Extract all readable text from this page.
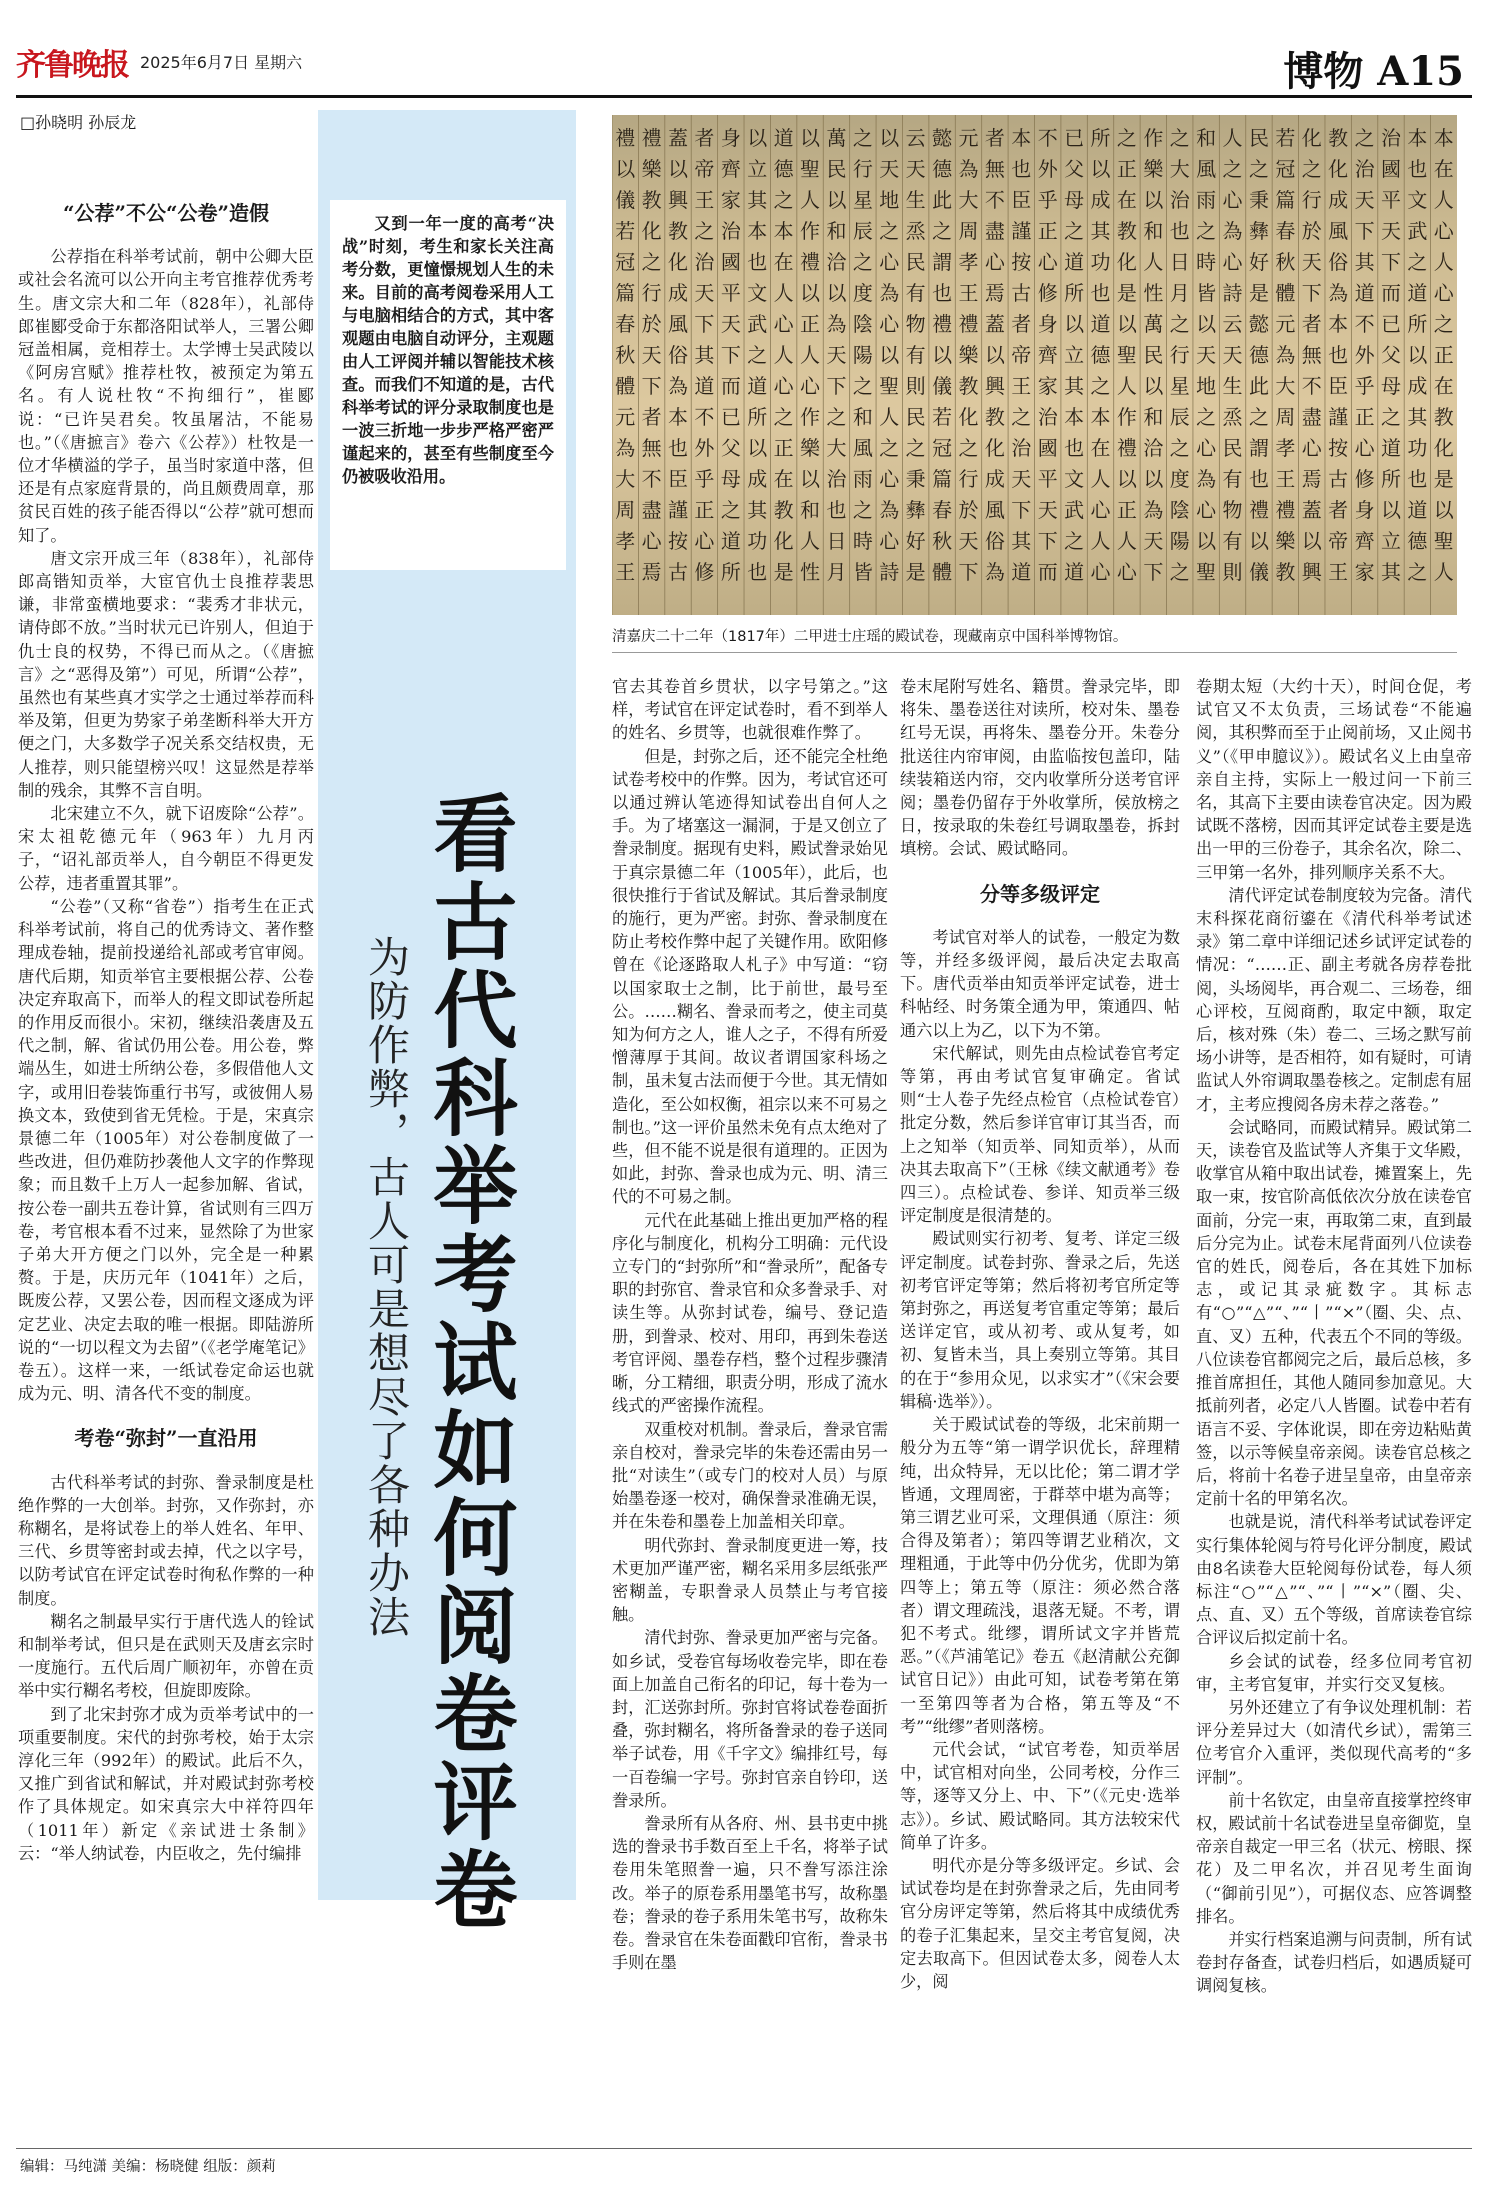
齐鲁晚报 2025年6月7日 星期六	博物 A15
□孙晓明 孙辰龙
“公荐”不公“公卷”造假

公荐指在科举考试前，朝中公卿大臣或社会名流可以公开向主考官推荐优秀考生。唐文宗大和二年（828年），礼部侍郎崔郾受命于东都洛阳试举人，三署公卿冠盖相属，竞相荐士。太学博士吴武陵以《阿房宫赋》推荐杜牧，被预定为第五名。有人说杜牧“不拘细行”，崔郾说：“已许吴君矣。牧虽屠沽，不能易也。”（《唐摭言》卷六《公荐》）杜牧是一位才华横溢的学子，虽当时家道中落，但还是有点家庭背景的，尚且颇费周章，那贫民百姓的孩子能否得以“公荐”就可想而知了。

唐文宗开成三年（838年），礼部侍郎高锴知贡举，大宦官仇士良推荐裴思谦，非常蛮横地要求：“裴秀才非状元，请侍郎不放。”当时状元已许别人，但迫于仇士良的权势，不得已而从之。（《唐摭言》之“恶得及第”）可见，所谓“公荐”，虽然也有某些真才实学之士通过举荐而科举及第，但更为势家子弟垄断科举大开方便之门，大多数学子况关系交结权贵，无人推荐，则只能望榜兴叹！这显然是荐举制的残余，其弊不言自明。

北宋建立不久，就下诏废除“公荐”。宋太祖乾德元年（963年）九月丙子，“诏礼部贡举人，自今朝臣不得更发公荐，违者重置其罪”。

“公卷”（又称“省卷”）指考生在正式科举考试前，将自己的优秀诗文、著作整理成卷轴，提前投递给礼部或考官审阅。唐代后期，知贡举官主要根据公荐、公卷决定弃取高下，而举人的程文即试卷所起的作用反而很小。宋初，继续沿袭唐及五代之制，解、省试仍用公卷。用公卷，弊端丛生，如进士所纳公卷，多假借他人文字，或用旧卷装饰重行书写，或彼佣人易换文本，致使到省无凭检。于是，宋真宗景德二年（1005年）对公卷制度做了一些改进，但仍难防抄袭他人文字的作弊现象；而且数千上万人一起参加解、省试，按公卷一副共五卷计算，省试则有三四万卷，考官根本看不过来，显然除了为世家子弟大开方便之门以外，完全是一种累赘。于是，庆历元年（1041年）之后，既废公荐，又罢公卷，因而程文逐成为评定艺业、决定去取的唯一根据。即陆游所说的“一切以程文为去留”（《老学庵笔记》卷五）。这样一来，一纸试卷定命运也就成为元、明、清各代不变的制度。

考卷“弥封”一直沿用

古代科举考试的封弥、誊录制度是杜绝作弊的一大创举。封弥，又作弥封，亦称糊名，是将试卷上的举人姓名、年甲、三代、乡贯等密封或去掉，代之以字号，以防考试官在评定试卷时徇私作弊的一种制度。

糊名之制最早实行于唐代选人的铨试和制举考试，但只是在武则天及唐玄宗时一度施行。五代后周广顺初年，亦曾在贡举中实行糊名考校，但旋即废除。

到了北宋封弥才成为贡举考试中的一项重要制度。宋代的封弥考校，始于太宗淳化三年（992年）的殿试。此后不久，又推广到省试和解试，并对殿试封弥考校作了具体规定。如宋真宗大中祥符四年（1011年）新定《亲试进士条制》云：“举人纳试卷，内臣收之，先付编排

又到一年一度的高考“决战”时刻，考生和家长关注高考分数，更憧憬规划人生的未来。目前的高考阅卷采用人工与电脑相结合的方式，其中客观题由电脑自动评分，主观题由人工评阅并辅以智能技术核查。而我们不知道的是，古代科举考试的评分录取制度也是一波三折地一步步严格严密严谨起来的，甚至有些制度至今仍被吸收沿用。

看古代科举考试如何阅卷评卷
为防作弊，古人可是想尽了各种办法
禮
以
儀
若
冠
篇
春
秋
體
元
為
大
周
孝
王
禮
樂
教
化
之
行
於
天
下
者
無
不
盡
心
焉
蓋
以
興
教
化
成
風
俗
為
本
也
臣
謹
按
古
者
帝
王
之
治
天
下
其
道
不
外
乎
正
心
修
身
齊
家
治
國
平
天
下
而
已
父
母
之
道
所
以
立
其
本
也
文
武
之
道
所
以
成
其
功
也
道
德
之
本
在
人
心
人
心
之
正
在
教
化
是
以
聖
人
作
禮
以
正
人
心
作
樂
以
和
人
性
萬
民
以
和
洽
以
為
天
下
之
大
治
也
日
月
之
行
星
辰
之
度
陰
陽
之
和
風
雨
之
時
皆
以
天
地
之
心
為
心
以
聖
人
之
心
為
心
詩
云
天
生
烝
民
有
物
有
則
民
之
秉
彝
好
是
懿
德
此
之
謂
也
禮
以
儀
若
冠
篇
春
秋
體
元
為
大
周
孝
王
禮
樂
教
化
之
行
於
天
下
者
無
不
盡
心
焉
蓋
以
興
教
化
成
風
俗
為
本
也
臣
謹
按
古
者
帝
王
之
治
天
下
其
道
不
外
乎
正
心
修
身
齊
家
治
國
平
天
下
而
已
父
母
之
道
所
以
立
其
本
也
文
武
之
道
所
以
成
其
功
也
道
德
之
本
在
人
心
人
心
之
正
在
教
化
是
以
聖
人
作
禮
以
正
人
心
作
樂
以
和
人
性
萬
民
以
和
洽
以
為
天
下
之
大
治
也
日
月
之
行
星
辰
之
度
陰
陽
之
和
風
雨
之
時
皆
以
天
地
之
心
為
心
以
聖
人
之
心
為
心
詩
云
天
生
烝
民
有
物
有
則
民
之
秉
彝
好
是
懿
德
此
之
謂
也
禮
以
儀
若
冠
篇
春
秋
體
元
為
大
周
孝
王
禮
樂
教
化
之
行
於
天
下
者
無
不
盡
心
焉
蓋
以
興
教
化
成
風
俗
為
本
也
臣
謹
按
古
者
帝
王
之
治
天
下
其
道
不
外
乎
正
心
修
身
齊
家
治
國
平
天
下
而
已
父
母
之
道
所
以
立
其
本
也
文
武
之
道
所
以
成
其
功
也
道
德
之
本
在
人
心
人
心
之
正
在
教
化
是
以
聖
人
清嘉庆二十二年（1817年）二甲进士庄瑶的殿试卷，现藏南京中国科举博物馆。

官去其卷首乡贯状，以字号第之。”这样，考试官在评定试卷时，看不到举人的姓名、乡贯等，也就很难作弊了。

但是，封弥之后，还不能完全杜绝试卷考校中的作弊。因为，考试官还可以通过辨认笔迹得知试卷出自何人之手。为了堵塞这一漏洞，于是又创立了誊录制度。据现有史料，殿试誊录始见于真宗景德二年（1005年），此后，也很快推行于省试及解试。其后誊录制度的施行，更为严密。封弥、誊录制度在防止考校作弊中起了关键作用。欧阳修曾在《论逐路取人札子》中写道：“窃以国家取士之制，比于前世，最号至公。……糊名、誊录而考之，使主司莫知为何方之人，谁人之子，不得有所爱憎薄厚于其间。故议者谓国家科场之制，虽未复古法而便于今世。其无情如造化，至公如权衡，祖宗以来不可易之制也。”这一评价虽然未免有点太绝对了些，但不能不说是很有道理的。正因为如此，封弥、誊录也成为元、明、清三代的不可易之制。

元代在此基础上推出更加严格的程序化与制度化，机构分工明确：元代设立专门的“封弥所”和“誊录所”，配备专职的封弥官、誊录官和众多誊录手、对读生等。从弥封试卷，编号、登记造册，到誊录、校对、用印，再到朱卷送考官评阅、墨卷存档，整个过程步骤清晰，分工精细，职责分明，形成了流水线式的严密操作流程。

双重校对机制。誊录后，誊录官需亲自校对，誊录完毕的朱卷还需由另一批“对读生”（或专门的校对人员）与原始墨卷逐一校对，确保誊录准确无误，并在朱卷和墨卷上加盖相关印章。

明代弥封、誊录制度更进一筹，技术更加严谨严密，糊名采用多层纸张严密糊盖，专职誊录人员禁止与考官接触。

清代封弥、誊录更加严密与完备。如乡试，受卷官每场收卷完毕，即在卷面上加盖自己衔名的印记，每十卷为一封，汇送弥封所。弥封官将试卷卷面折叠，弥封糊名，将所备誊录的卷子送同举子试卷，用《千字文》编排红号，每一百卷编一字号。弥封官亲自钤印，送誊录所。

誊录所有从各府、州、县书吏中挑选的誊录书手数百至上千名，将举子试卷用朱笔照誊一遍，只不誊写添注涂改。举子的原卷系用墨笔书写，故称墨卷；誊录的卷子系用朱笔书写，故称朱卷。誊录官在朱卷面戳印官衔，誊录书手则在墨

卷末尾附写姓名、籍贯。誊录完毕，即将朱、墨卷送往对读所，校对朱、墨卷红号无误，再将朱、墨卷分开。朱卷分批送往内帘审阅，由监临按包盖印，陆续装箱送内帘，交内收掌所分送考官评阅；墨卷仍留存于外收掌所，侯放榜之日，按录取的朱卷红号调取墨卷，拆封填榜。会试、殿试略同。

分等多级评定

考试官对举人的试卷，一般定为数等，并经多级评阅，最后决定去取高下。唐代贡举由知贡举评定试卷，进士科帖经、时务策全通为甲，策通四、帖通六以上为乙，以下为不第。

宋代解试，则先由点检试卷官考定等第，再由考试官复审确定。省试则“士人卷子先经点检官（点检试卷官）批定分数，然后参详官审订其当否，而上之知举（知贡举、同知贡举），从而决其去取高下”（王栐《续文献通考》卷四三）。点检试卷、参详、知贡举三级评定制度是很清楚的。

殿试则实行初考、复考、详定三级评定制度。试卷封弥、誊录之后，先送初考官评定等第；然后将初考官所定等第封弥之，再送复考官重定等第；最后送详定官，或从初考、或从复考，如初、复皆未当，具上奏别立等第。其目的在于“参用众见，以求实才”（《宋会要辑稿·选举》）。

关于殿试试卷的等级，北宋前期一般分为五等“第一谓学识优长，辞理精纯，出众特异，无以比伦；第二谓才学皆通，文理周密，于群萃中堪为高等；第三谓艺业可采，文理俱通（原注：须合得及第者）；第四等谓艺业稍次，文理粗通，于此等中仍分优劣，优即为第四等上；第五等（原注：须必然合落者）谓文理疏浅，退落无疑。不考，谓犯不考式。纰缪，谓所试文字并皆荒恶。”（《芦浦笔记》卷五《赵清献公充御试官日记》）由此可知，试卷考第在第一至第四等者为合格，第五等及“不考”“纰缪”者则落榜。

元代会试，“试官考卷，知贡举居中，试官相对向坐，公同考校，分作三等，逐等又分上、中、下”（《元史·选举志》）。乡试、殿试略同。其方法较宋代简单了许多。

明代亦是分等多级评定。乡试、会试试卷均是在封弥誊录之后，先由同考官分房评定等第，然后将其中成绩优秀的卷子汇集起来，呈交主考官复阅，决定去取高下。但因试卷太多，阅卷人太少，阅

卷期太短（大约十天），时间仓促，考试官又不太负责，三场试卷“不能遍阅，其积弊而至于止阅前场，又止阅书义”（《甲申臆议》）。殿试名义上由皇帝亲自主持，实际上一般过问一下前三名，其高下主要由读卷官决定。因为殿试既不落榜，因而其评定试卷主要是选出一甲的三份卷子，其余名次，除二、三甲第一名外，排列顺序关系不大。

清代评定试卷制度较为完备。清代末科探花商衍鎏在《清代科举考试述录》第二章中详细记述乡试评定试卷的情况：“……正、副主考就各房荐卷批阅，头场阅毕，再合观二、三场卷，细心评校，互阅商酌，取定中额，取定后，核对殊（朱）卷二、三场之默写前场小讲等，是否相符，如有疑时，可请监试人外帘调取墨卷核之。定制虑有屈才，主考应搜阅各房未荐之落卷。”

会试略同，而殿试精异。殿试第二天，读卷官及监试等人齐集于文华殿，收掌官从箱中取出试卷，摊置案上，先取一束，按官阶高低依次分放在读卷官面前，分完一束，再取第二束，直到最后分完为止。试卷末尾背面列八位读卷官的姓氏，阅卷后，各在其姓下加标志，或记其录疵数字。其标志有“○”“△”“、”“丨”“×”（圈、尖、点、直、叉）五种，代表五个不同的等级。八位读卷官都阅完之后，最后总核，多推首席担任，其他人随同参加意见。大抵前列者，必定八人皆圈。试卷中若有语言不妥、字体讹误，即在旁边粘贴黄签，以示等候皇帝亲阅。读卷官总核之后，将前十名卷子进呈皇帝，由皇帝亲定前十名的甲第名次。

也就是说，清代科举考试试卷评定实行集体轮阅与符号化评分制度，殿试由8名读卷大臣轮阅每份试卷，每人须标注“○”“△”“、”“丨”“×”（圈、尖、点、直、叉）五个等级，首席读卷官综合评议后拟定前十名。

乡会试的试卷，经多位同考官初审，主考官复审，并实行交叉复核。

另外还建立了有争议处理机制：若评分差异过大（如清代乡试），需第三位考官介入重评，类似现代高考的“多评制”。

前十名钦定，由皇帝直接掌控终审权，殿试前十名试卷进呈皇帝御览，皇帝亲自裁定一甲三名（状元、榜眼、探花）及二甲名次，并召见考生面询（“御前引见”），可据仪态、应答调整排名。

并实行档案追溯与问责制，所有试卷封存备查，试卷归档后，如遇质疑可调阅复核。

编辑：马纯潇 美编：杨晓健 组版：颜莉
